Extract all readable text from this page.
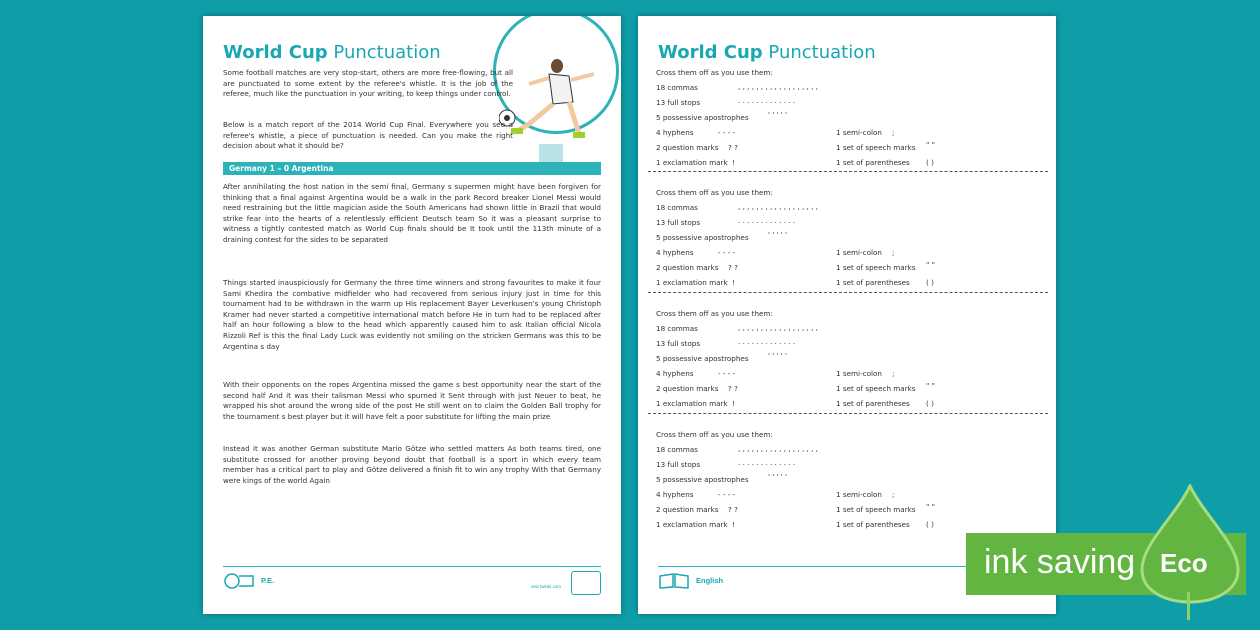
World Cup Punctuation
Some football matches are very stop-start, others are more free-flowing, but all are punctuated to some extent by the referee's whistle. It is the job of the referee, much like the punctuation in your writing, to keep things under control.
Below is a match report of the 2014 World Cup Final. Everywhere you see a referee's whistle, a piece of punctuation is needed. Can you make the right decision about what it should be?
Germany 1 – 0 Argentina
After annihilating the host nation in the semi final, Germany s supermen might have been forgiven for thinking that a final against Argentina would be a walk in the park Record breaker Lionel Messi would need restraining but the little magician aside the South Americans had shown little in Brazil that would strike fear into the hearts of a relentlessly efficient Deutsch team So it was a pleasant surprise to witness a tightly contested match as World Cup finals should be It took until the 113th minute of a draining contest for the sides to be separated
Things started inauspiciously for Germany the three time winners and strong favourites to make it four Sami Khedira the combative midfielder who had recovered from serious injury just in time for this tournament had to be withdrawn in the warm up His replacement Bayer Leverkusen's young Christoph Kramer had never started a competitive international match before He in turn had to be replaced after half an hour following a blow to the head which apparently caused him to ask Italian official Nicola Rizzoli Ref is this the final Lady Luck was evidently not smiling on the stricken Germans was this to be Argentina s day
With their opponents on the ropes Argentina missed the game s best opportunity near the start of the second half And it was their talisman Messi who spurned it Sent through with just Neuer to beat, he wrapped his shot around the wrong side of the post He still went on to claim the Golden Ball trophy for the tournament s best player but it will have felt a poor substitute for lifting the main prize
Instead it was another German substitute Mario Götze who settled matters As both teams tired, one substitute crossed for another proving beyond doubt that football is a sport in which every team member has a critical part to play and Götze delivered a finish fit to win any trophy With that Germany were kings of the world Again
P.E.
visit twinkl.com
World Cup Punctuation
Cross them off as you use them:
18 commas	, , , , , , , , , , , , , , , , , ,
13 full stops	. . . . . . . . . . . . .
5 possessive apostrophes	' ' ' ' '
4 hyphens	- - - -	1 semi-colon ;
2 question marks ? ?	1 set of speech marks " "
1 exclamation mark !	1 set of parentheses ( )
Cross them off as you use them:
18 commas	, , , , , , , , , , , , , , , , , ,
13 full stops	. . . . . . . . . . . . .
5 possessive apostrophes	' ' ' ' '
4 hyphens	- - - -	1 semi-colon ;
2 question marks ? ?	1 set of speech marks " "
1 exclamation mark !	1 set of parentheses ( )
Cross them off as you use them:
18 commas	, , , , , , , , , , , , , , , , , ,
13 full stops	. . . . . . . . . . . . .
5 possessive apostrophes	' ' ' ' '
4 hyphens	- - - -	1 semi-colon ;
2 question marks ? ?	1 set of speech marks " "
1 exclamation mark !	1 set of parentheses ( )
Cross them off as you use them:
18 commas	, , , , , , , , , , , , , , , , , ,
13 full stops	. . . . . . . . . . . . .
5 possessive apostrophes	' ' ' ' '
4 hyphens	- - - -	1 semi-colon ;
2 question marks ? ?	1 set of speech marks " "
1 exclamation mark !	1 set of parentheses ( )
English	ink saving Eco
